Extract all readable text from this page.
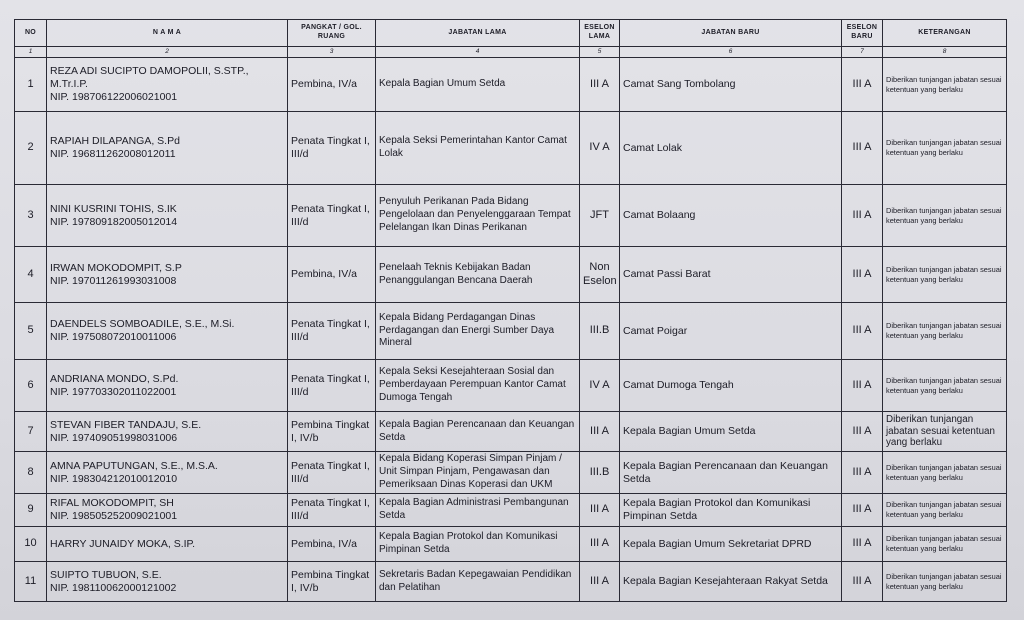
NO	N A M A	PANGKAT / GOL. RUANG	JABATAN LAMA	ESELON LAMA	JABATAN BARU	ESELON BARU	KETERANGAN
1	2	3	4	5	6	7	8
1	REZA ADI SUCIPTO DAMOPOLII, S.STP., M.Tr.I.P.
NIP. 198706122006021001	Pembina, IV/a	Kepala Bagian Umum Setda	III A	Camat Sang Tombolang	III A	Diberikan tunjangan jabatan sesuai ketentuan yang berlaku
2	RAPIAH DILAPANGA, S.Pd
NIP. 196811262008012011	Penata Tingkat I, III/d	Kepala Seksi Pemerintahan Kantor Camat Lolak	IV A	Camat Lolak	III A	Diberikan tunjangan jabatan sesuai ketentuan yang berlaku
3	NINI KUSRINI TOHIS, S.IK
NIP. 197809182005012014	Penata Tingkat I, III/d	Penyuluh Perikanan Pada Bidang Pengelolaan dan Penyelenggaraan Tempat Pelelangan Ikan Dinas Perikanan	JFT	Camat Bolaang	III A	Diberikan tunjangan jabatan sesuai ketentuan yang berlaku
4	IRWAN MOKODOMPIT, S.P
NIP. 197011261993031008	Pembina, IV/a	Penelaah Teknis Kebijakan Badan Penanggulangan Bencana Daerah	Non Eselon	Camat Passi Barat	III A	Diberikan tunjangan jabatan sesuai ketentuan yang berlaku
5	DAENDELS SOMBOADILE, S.E., M.Si.
NIP. 197508072010011006	Penata Tingkat I, III/d	Kepala Bidang Perdagangan Dinas Perdagangan dan Energi Sumber Daya Mineral	III.B	Camat Poigar	III A	Diberikan tunjangan jabatan sesuai ketentuan yang berlaku
6	ANDRIANA MONDO, S.Pd.
NIP. 197703302011022001	Penata Tingkat I, III/d	Kepala Seksi Kesejahteraan Sosial dan Pemberdayaan Perempuan Kantor Camat Dumoga Tengah	IV A	Camat Dumoga Tengah	III A	Diberikan tunjangan jabatan sesuai ketentuan yang berlaku
7	STEVAN FIBER TANDAJU, S.E.
NIP. 197409051998031006	Pembina Tingkat I, IV/b	Kepala Bagian Perencanaan dan Keuangan Setda	III A	Kepala Bagian Umum Setda	III A	Diberikan tunjangan jabatan sesuai ketentuan yang berlaku
8	AMNA PAPUTUNGAN, S.E., M.S.A.
NIP. 198304212010012010	Penata Tingkat I, III/d	Kepala Bidang Koperasi Simpan Pinjam / Unit Simpan Pinjam, Pengawasan dan Pemeriksaan Dinas Koperasi dan UKM	III.B	Kepala Bagian Perencanaan dan Keuangan Setda	III A	Diberikan tunjangan jabatan sesuai ketentuan yang berlaku
9	RIFAL MOKODOMPIT, SH
NIP. 198505252009021001	Penata Tingkat I, III/d	Kepala Bagian Administrasi Pembangunan Setda	III A	Kepala Bagian Protokol dan Komunikasi Pimpinan Setda	III A	Diberikan tunjangan jabatan sesuai ketentuan yang berlaku
10	HARRY JUNAIDY MOKA, S.IP.	Pembina, IV/a	Kepala Bagian Protokol dan Komunikasi Pimpinan Setda	III A	Kepala Bagian Umum Sekretariat DPRD	III A	Diberikan tunjangan jabatan sesuai ketentuan yang berlaku
11	SUIPTO TUBUON, S.E.
NIP. 198110062000121002	Pembina Tingkat I, IV/b	Sekretaris Badan Kepegawaian Pendidikan dan Pelatihan	III A	Kepala Bagian Kesejahteraan Rakyat Setda	III A	Diberikan tunjangan jabatan sesuai ketentuan yang berlaku
